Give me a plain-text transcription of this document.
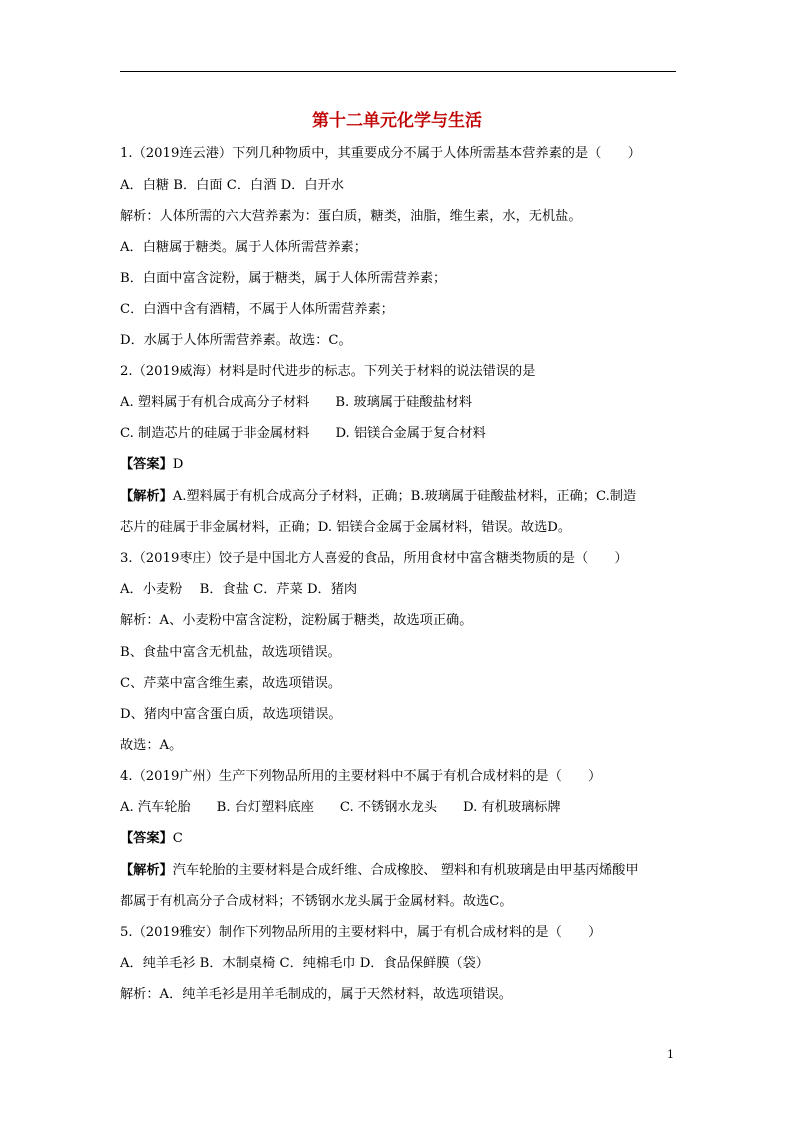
第十二单元化学与生活
1.（2019连云港）下列几种物质中，其重要成分不属于人体所需基本营养素的是（　　）
A．白糖 B．白面 C．白酒 D．白开水
解析：人体所需的六大营养素为：蛋白质，糖类，油脂，维生素，水，无机盐。
A．白糖属于糖类。属于人体所需营养素；
B．白面中富含淀粉，属于糖类，属于人体所需营养素；
C．白酒中含有酒精，不属于人体所需营养素；
D．水属于人体所需营养素。故选：C。
2.（2019威海）材料是时代进步的标志。下列关于材料的说法错误的是
A. 塑料属于有机合成高分子材料 B. 玻璃属于硅酸盐材料
C. 制造芯片的硅属于非金属材料 D. 铝镁合金属于复合材料
【答案】D
【解析】A.塑料属于有机合成高分子材料，正确；B.玻璃属于硅酸盐材料，正确；C.制造
芯片的硅属于非金属材料，正确；D. 铝镁合金属于金属材料，错误。故选D。
3.（2019枣庄）饺子是中国北方人喜爱的食品，所用食材中富含糖类物质的是（　　）
A．小麦粉　 B．食盐 C．芹菜 D．猪肉
解析：A、小麦粉中富含淀粉，淀粉属于糖类，故选项正确。
B、食盐中富含无机盐，故选项错误。
C、芹菜中富含维生素，故选项错误。
D、猪肉中富含蛋白质，故选项错误。
故选：A。
4.（2019广州）生产下列物品所用的主要材料中不属于有机合成材料的是（　　）
A. 汽车轮胎 B. 台灯塑料底座 C. 不锈钢水龙头 D. 有机玻璃标牌
【答案】C
【解析】汽车轮胎的主要材料是合成纤维、合成橡胶、 塑料和有机玻璃是由甲基丙烯酸甲
都属于有机高分子合成材料；不锈钢水龙头属于金属材料。故选C。
5.（2019雅安）制作下列物品所用的主要材料中，属于有机合成材料的是（　　）
A．纯羊毛衫 B．木制桌椅 C．纯棉毛巾 D．食品保鲜膜（袋）
解析：A．纯羊毛衫是用羊毛制成的，属于天然材料，故选项错误。
1
